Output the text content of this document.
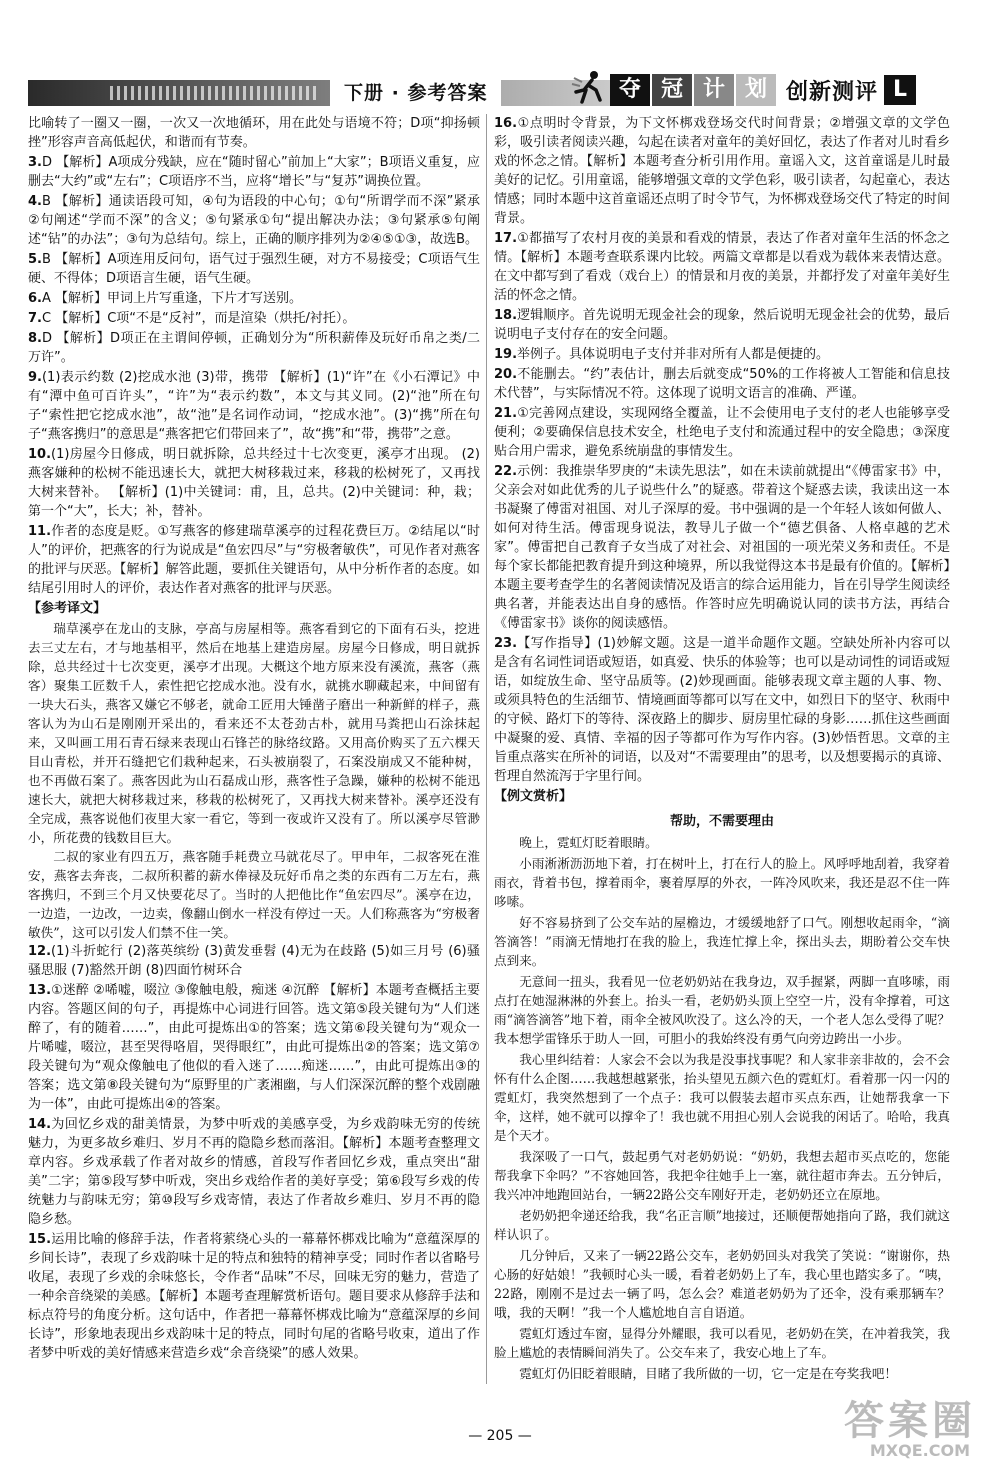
下册 · 参考答案	夺 冠 计 划 创新测评 L
比喻转了一圈又一圈，一次又一次地循环，用在此处与语境不符；D项“抑扬顿挫”形容声音高低起伏，和谐而有节奏。
3.D 【解析】A项成分残缺，应在“随时留心”前加上“大家”；B项语义重复，应删去“大约”或“左右”；C项语序不当，应将“增长”与“复苏”调换位置。
4.B 【解析】通读语段可知，④句为语段的中心句；①句“所谓学而不深”紧承②句阐述“学而不深”的含义；⑤句紧承①句“提出解决办法；③句紧承⑤句阐述“钻”的办法”；③句为总结句。综上，正确的顺序排列为②④⑤①③，故选B。
5.B 【解析】A项连用反问句，语气过于强烈生硬，对方不易接受；C项语气生硬、不得体；D项语言生硬，语气生硬。
6.A 【解析】甲词上片写重逢，下片才写送别。
7.C 【解析】C项“不是“反衬”，而是渲染（烘托/衬托）。
8.D 【解析】D项正在主谓间停顿，正确划分为“所积薪俸及玩好币帛之类/二万许”。
9.(1)表示约数 (2)挖成水池 (3)带，携带 【解析】(1)“许”在《小石潭记》中有“潭中鱼可百许头”，“许”为“表示约数”，本文与其义同。(2)“池”所在句子“索性把它挖成水池”，故“池”是名词作动词，“挖成水池”。(3)“携”所在句子“燕客携归”的意思是“燕客把它们带回来了”，故“携”和“带，携带”之意。
10.(1)房屋今日修成，明日就拆除，总共经过十七次变更，溪亭才出现。 (2)燕客嫌种的松树不能迅速长大，就把大树移栽过来，移栽的松树死了，又再找大树来替补。 【解析】(1)中关键词：甫，且，总共。(2)中关键词：种，栽；第一个“大”，长大；补，替补。
11.作者的态度是贬。①写燕客的修建瑞草溪亭的过程花费巨万。②结尾以“时人”的评价，把燕客的行为说成是“鱼宏四尽”与“穷极奢敏佚”，可见作者对燕客的批评与厌恶。【解析】解答此题，要抓住关键语句，从中分析作者的态度。如结尾引用时人的评价，表达作者对燕客的批评与厌恶。
【 参考译文 】

瑞草溪亭在龙山的支脉，亭高与房屋相等。燕客看到它的下面有石头，挖进去三丈左右，才与地基相平，然后在地基上建造房屋。房屋今日修成，明日就拆除，总共经过十七次变更，溪亭才出现。大概这个地方原来没有溪流，燕客（燕客）聚集工匠数千人，索性把它挖成水池。没有水，就挑水聊藏起来，中间留有一块大石头，燕客又嫌它不够老，就命工匠用大锤凿子磨出一种新鲜的样子，燕客认为为山石是刚刚开采出的，看来还不太苍劲古朴，就用马粪把山石涂抹起来，又叫画工用石青石绿来表现山石锋芒的脉络纹路。又用高价购买了五六棵天目山青松，并开石缝把它们栽种起来，石头被崩裂了，石案没崩成又不能种树，也不再做石案了。燕客因此为山石磊成山形，燕客性子急躁，嫌种的松树不能迅速长大，就把大树移栽过来，移栽的松树死了，又再找大树来替补。溪亭还没有全完成，燕客说他们夜里大家一看它，等到一夜或许又没有了。所以溪亭尽管渺小，所花费的钱数目巨大。

二叔的家业有四五万，燕客随手耗费立马就花尽了。甲申年，二叔客死在淮安，燕客去奔丧，二叔所积蓄的薪水俸禄及玩好币帛之类的东西有二万左右，燕客携归，不到三个月又快要花尽了。当时的人把他比作“鱼宏四尽”。溪亭在边，一边造，一边改，一边卖，像翻山倒水一样没有停过一天。人们称燕客为“穷极奢敏佚”，这可以引发人们禁不住一笑。

12.(1)斗折蛇行 (2)落英缤纷 (3)黄发垂髫 (4)无为在歧路 (5)如三月号 (6)骚骚思服 (7)豁然开朗 (8)四面竹树环合
13.①迷醉 ②唏嘘，啜泣 ③像触电般，痴迷 ④沉醉 【解析】本题考查概括主要内容。答题区间的句子，再提炼中心词进行回答。选文第⑤段关键句为“人们迷醉了，有的随着……”，由此可提炼出①的答案；选文第⑥段关键句为“观众一片唏嘘，啜泣，甚至哭得咯眉，哭得眼红”，由此可提炼出②的答案；选文第⑦段关键句为“观众像触电了他似的看入迷了……痴迷……”，由此可提炼出③的答案；选文第⑧段关键句为“原野里的广袤湘幽，与人们深深沉醉的整个戏剧融为一体”，由此可提炼出④的答案。
14.为回忆乡戏的甜美情景，为梦中听戏的美感享受，为乡戏韵味无穷的传统魅力，为更多故乡难归、岁月不再的隐隐乡愁而落泪。【解析】本题考查整理文章内容。乡戏承载了作者对故乡的情感，首段写作者回忆乡戏，重点突出“甜美”二字；第⑤段写梦中听戏，突出乡戏给作者的美好享受；第⑥段写乡戏的传统魅力与韵味无穷；第⑩段写乡戏寄情，表达了作者故乡难归、岁月不再的隐隐乡愁。
15.运用比喻的修辞手法，作者将萦绕心头的一幕幕怀梆戏比喻为“意蕴深厚的乡间长诗”，表现了乡戏韵味十足的特点和独特的精神享受；同时作者以省略号收尾，表现了乡戏的余味悠长，令作者“品味”不尽，回味无穷的魅力，营造了一种余音绕梁的美感。【解析】本题考查理解赏析语句。题目要求从修辞手法和标点符号的角度分析。这句话中，作者把一幕幕怀梆戏比喻为“意蕴深厚的乡间长诗”，形象地表现出乡戏韵味十足的特点，同时句尾的省略号收束，道出了作者梦中听戏的美好情感来营造乡戏“余音绕梁”的感人效果。
16.①点明时令背景，为下文怀梆戏登场交代时间背景；②增强文章的文学色彩，吸引读者阅读兴趣，勾起在读者对童年的美好回忆，表达了作者对儿时看乡戏的怀念之情。【解析】本题考查分析引用作用。童谣入文，这首童谣是儿时最美好的记忆。引用童谣，能够增强文章的文学色彩，吸引读者，勾起童心，表达情感；同时本题中这首童谣还点明了时令节气，为怀梆戏登场交代了特定的时间背景。
17.①都描写了农村月夜的美景和看戏的情景，表达了作者对童年生活的怀念之情。【解析】本题考查联系课内比较。两篇文章都是以看戏为载体来表情达意。在文中都写到了看戏（戏台上）的情景和月夜的美景，并都抒发了对童年美好生活的怀念之情。
18.逻辑顺序。首先说明无现金社会的现象，然后说明无现金社会的优势，最后说明电子支付存在的安全问题。
19.举例子。具体说明电子支付并非对所有人都是便捷的。
20.不能删去。“约”表估计，删去后就变成“50%的工作将被人工智能和信息技术代替”，与实际情况不符。这体现了说明文语言的准确、严谨。
21.①完善网点建设，实现网络全覆盖，让不会使用电子支付的老人也能够享受便利；②要确保信息技术安全，杜绝电子支付和流通过程中的安全隐患；③深度贴合用户需求，避免系统崩盘的事情发生。
22.示例：我推崇华罗庚的“未读先思法”，如在未读前就提出“《傅雷家书》中，父亲会对如此优秀的儿子说些什么”的疑惑。带着这个疑惑去读，我读出这一本书凝聚了傅雷对祖国、对儿子深厚的爱。书中强调的是一个年轻人该如何做人、如何对待生活。傅雷现身说法，教导儿子做一个“德艺俱备、人格卓越的艺术家”。傅雷把自己教育子女当成了对社会、对祖国的一项光荣义务和责任。不是每个家长都能把教育提升到这种境界，所以我觉得这本书是最有价值的。【解析】本题主要考查学生的名著阅读情况及语言的综合运用能力，旨在引导学生阅读经典名著，并能表达出自身的感悟。作答时应先明确说认同的读书方法，再结合《傅雷家书》谈你的阅读感悟。
23.【写作指导】(1)妙解文题。这是一道半命题作文题。空缺处所补内容可以是含有名词性词语或短语，如真爱、快乐的体验等；也可以是动词性的词语或短语，如绽放生命、坚守品质等。(2)妙现画面。能够表现文章主题的人事、物、或须具特色的生活细节、情境画面等都可以写在文中，如烈日下的坚守、秋雨中的守候、路灯下的等待、深夜路上的脚步、厨房里忙碌的身影……抓住这些画面中凝聚的爱、真情、幸福的因子等都可作为写作内容。(3)妙悟哲思。文章的主旨重点落实在所补的词语，以及对“不需要理由”的思考，以及想要揭示的真谛、哲理自然流泻于字里行间。
【 例文赏析 】
帮助，不需要理由

晚上，霓虹灯眨着眼睛。

小雨淅淅沥沥地下着，打在树叶上，打在行人的脸上。风呼呼地刮着，我穿着雨衣，背着书包，撑着雨伞，裹着厚厚的外衣，一阵冷风吹来，我还是忍不住一阵哆嗦。

好不容易挤到了公交车站的屋檐边，才缓缓地舒了口气。刚想收起雨伞，“滴答滴答！”雨滴无情地打在我的脸上，我连忙撑上伞，探出头去，期盼着公交车快点到来。

无意间一扭头，我看见一位老奶奶站在我身边，双手握紧，两脚一直哆嗦，雨点打在她湿淋淋的外套上。抬头一看，老奶奶头顶上空空一片，没有伞撑着，可这雨“滴答滴答”地下着，雨伞全被风吹没了。这么冷的天，一个老人怎么受得了呢？我本想学雷锋乐于助人一回，可胆小的我始终没有勇气向旁边跨出一小步。

我心里纠结着：人家会不会以为我是没事找事呢？和人家非亲非故的，会不会怀有什么企图……我越想越紧张，抬头望见五颜六色的霓虹灯。看着那一闪一闪的霓虹灯，我突然想到了一个点子：我可以假装去超市买点东西，让她帮我拿一下伞，这样，她不就可以撑伞了！我也就不用担心别人会说我的闲话了。哈哈，我真是个天才。

我深吸了一口气，鼓起勇气对老奶奶说：“奶奶，我想去超市买点吃的，您能帮我拿下伞吗？”不容她回答，我把伞往她手上一塞，就往超市奔去。五分钟后，我兴冲冲地跑回站台，一辆22路公交车刚好开走，老奶奶还立在原地。

老奶奶把伞递还给我，我“名正言顺”地接过，还顺便帮她指向了路，我们就这样认识了。

几分钟后，又来了一辆22路公交车，老奶奶回头对我笑了笑说：“谢谢你，热心肠的好姑娘！”我顿时心头一暖，看着老奶奶上了车，我心里也踏实多了。“咦，22路，刚刚不是过去一辆了吗，怎么会？难道老奶奶为了还伞，没有乘那辆车？哦，我的天啊！”我一个人尴尬地自言自语道。

霓虹灯透过车窗，显得分外耀眼，我可以看见，老奶奶在笑，在冲着我笑，我脸上尴尬的表情瞬间消失了。公交车来了，我安心地上了车。

霓虹灯仍旧眨着眼睛，目睹了我所做的一切，它一定是在夸奖我吧！

— 205 —	答案圈
MXQE.COM
